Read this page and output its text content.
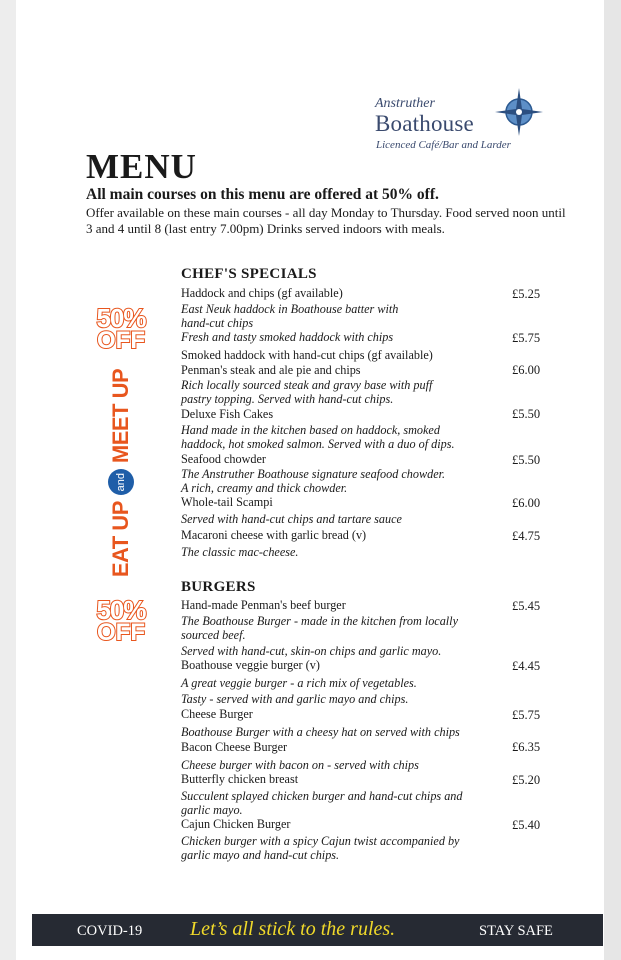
Anstruther
Boathouse
Licenced Café/Bar and Larder
MENU
All main courses on this menu are offered at 50% off.
Offer available on these main courses - all day Monday to Thursday. Food served noon until 3 and 4 until 8 (last entry 7.00pm) Drinks served indoors with meals.
50%
OFF
EAT UP
and
MEET UP
50%
OFF
CHEF'S SPECIALS
Haddock and chips (gf available)
East Neuk haddock in Boathouse batter with
hand-cut chips
Fresh and tasty smoked haddock with chips
Smoked haddock with hand-cut chips (gf available)
Penman's steak and ale pie and chips
Rich locally sourced steak and gravy base with puff
pastry topping. Served with hand-cut chips.
Deluxe Fish Cakes
Hand made in the kitchen based on haddock, smoked
haddock, hot smoked salmon. Served with a duo of dips.
Seafood chowder
The Anstruther Boathouse signature seafood chowder.
A rich, creamy and thick chowder.
Whole-tail Scampi
Served with hand-cut chips and tartare sauce
Macaroni cheese with garlic bread (v)
The classic mac-cheese.
£5.25
£5.75
£6.00
£5.50
£5.50
£6.00
£4.75
BURGERS
Hand-made Penman's beef burger
The Boathouse Burger - made in the kitchen from locally
sourced beef.
Served with hand-cut, skin-on chips and garlic mayo.
Boathouse veggie burger (v)
A great veggie burger - a rich mix of vegetables.
Tasty - served with and garlic mayo and chips.
Cheese Burger
Boathouse Burger with a cheesy hat on served with chips
Bacon Cheese Burger
Cheese burger with bacon on - served with chips
Butterfly chicken breast
Succulent splayed chicken burger and hand-cut chips and
garlic mayo.
Cajun Chicken Burger
Chicken burger with a spicy Cajun twist accompanied by
garlic mayo and hand-cut chips.
£5.45
£4.45
£5.75
£6.35
£5.20
£5.40
COVID-19 Let’s all stick to the rules.	STAY SAFE
